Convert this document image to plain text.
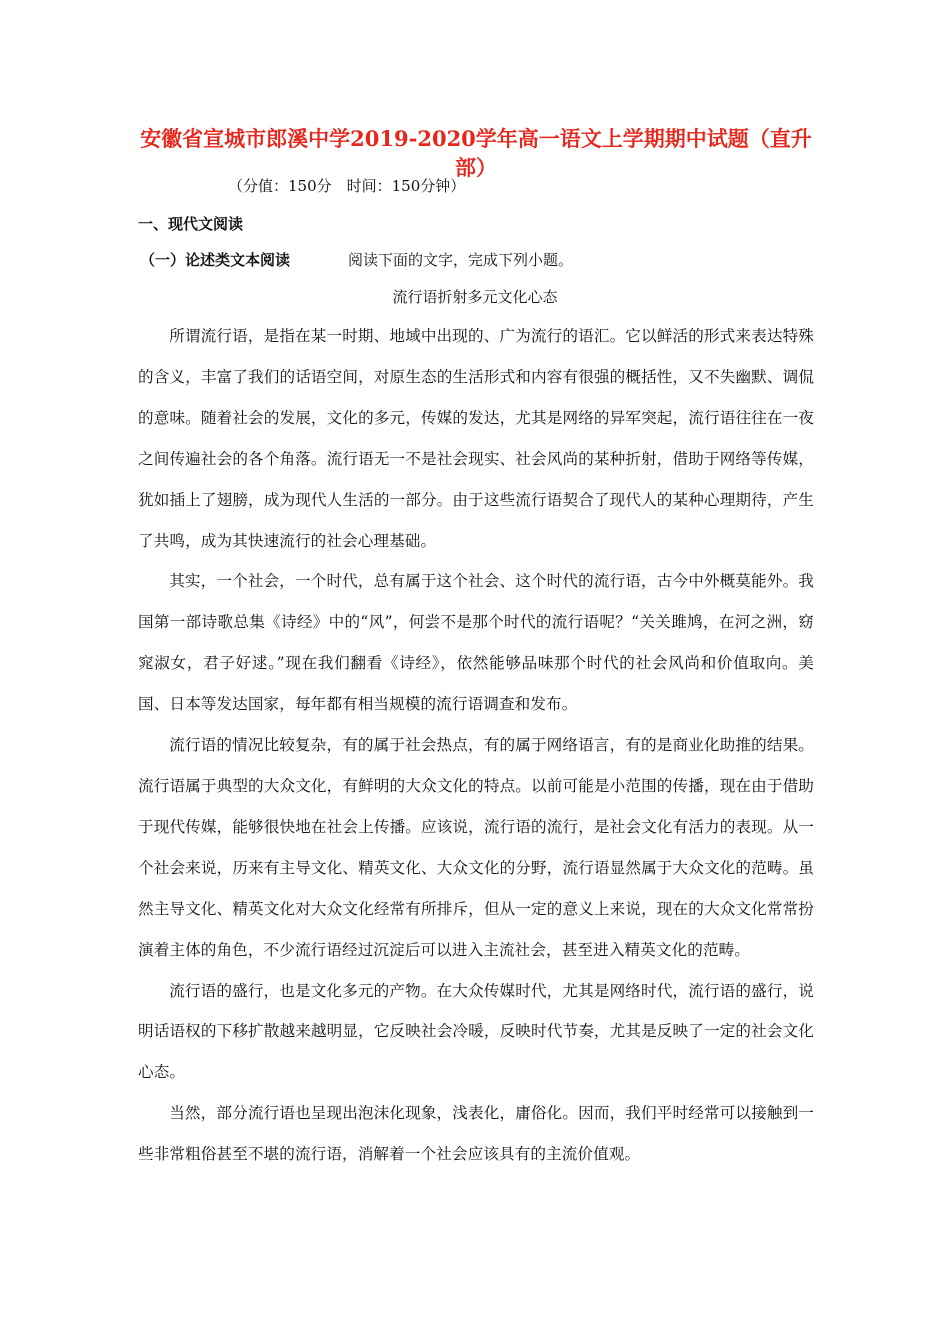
安徽省宣城市郎溪中学2019-2020学年高一语文上学期期中试题（直升部）
（分值：150分　时间：150分钟）
一、现代文阅读
（一）论述类文本阅读	阅读下面的文字，完成下列小题。
流行语折射多元文化心态

所谓流行语，是指在某一时期、地域中出现的、广为流行的语汇。它以鲜活的形式来表达特殊的含义，丰富了我们的话语空间，对原生态的生活形式和内容有很强的概括性，又不失幽默、调侃的意味。随着社会的发展，文化的多元，传媒的发达，尤其是网络的异军突起，流行语往往在一夜之间传遍社会的各个角落。流行语无一不是社会现实、社会风尚的某种折射，借助于网络等传媒，犹如插上了翅膀，成为现代人生活的一部分。由于这些流行语契合了现代人的某种心理期待，产生了共鸣，成为其快速流行的社会心理基础。

其实，一个社会，一个时代，总有属于这个社会、这个时代的流行语，古今中外概莫能外。我国第一部诗歌总集《诗经》中的“风”，何尝不是那个时代的流行语呢？“关关雎鸠，在河之洲，窈窕淑女，君子好逑。”现在我们翻看《诗经》，依然能够品味那个时代的社会风尚和价值取向。美国、日本等发达国家，每年都有相当规模的流行语调查和发布。

流行语的情况比较复杂，有的属于社会热点，有的属于网络语言，有的是商业化助推的结果。流行语属于典型的大众文化，有鲜明的大众文化的特点。以前可能是小范围的传播，现在由于借助于现代传媒，能够很快地在社会上传播。应该说，流行语的流行，是社会文化有活力的表现。从一个社会来说，历来有主导文化、精英文化、大众文化的分野，流行语显然属于大众文化的范畴。虽然主导文化、精英文化对大众文化经常有所排斥，但从一定的意义上来说，现在的大众文化常常扮演着主体的角色，不少流行语经过沉淀后可以进入主流社会，甚至进入精英文化的范畴。

流行语的盛行，也是文化多元的产物。在大众传媒时代，尤其是网络时代，流行语的盛行，说明话语权的下移扩散越来越明显，它反映社会冷暖，反映时代节奏，尤其是反映了一定的社会文化心态。

当然，部分流行语也呈现出泡沫化现象，浅表化，庸俗化。因而，我们平时经常可以接触到一些非常粗俗甚至不堪的流行语，消解着一个社会应该具有的主流价值观。
